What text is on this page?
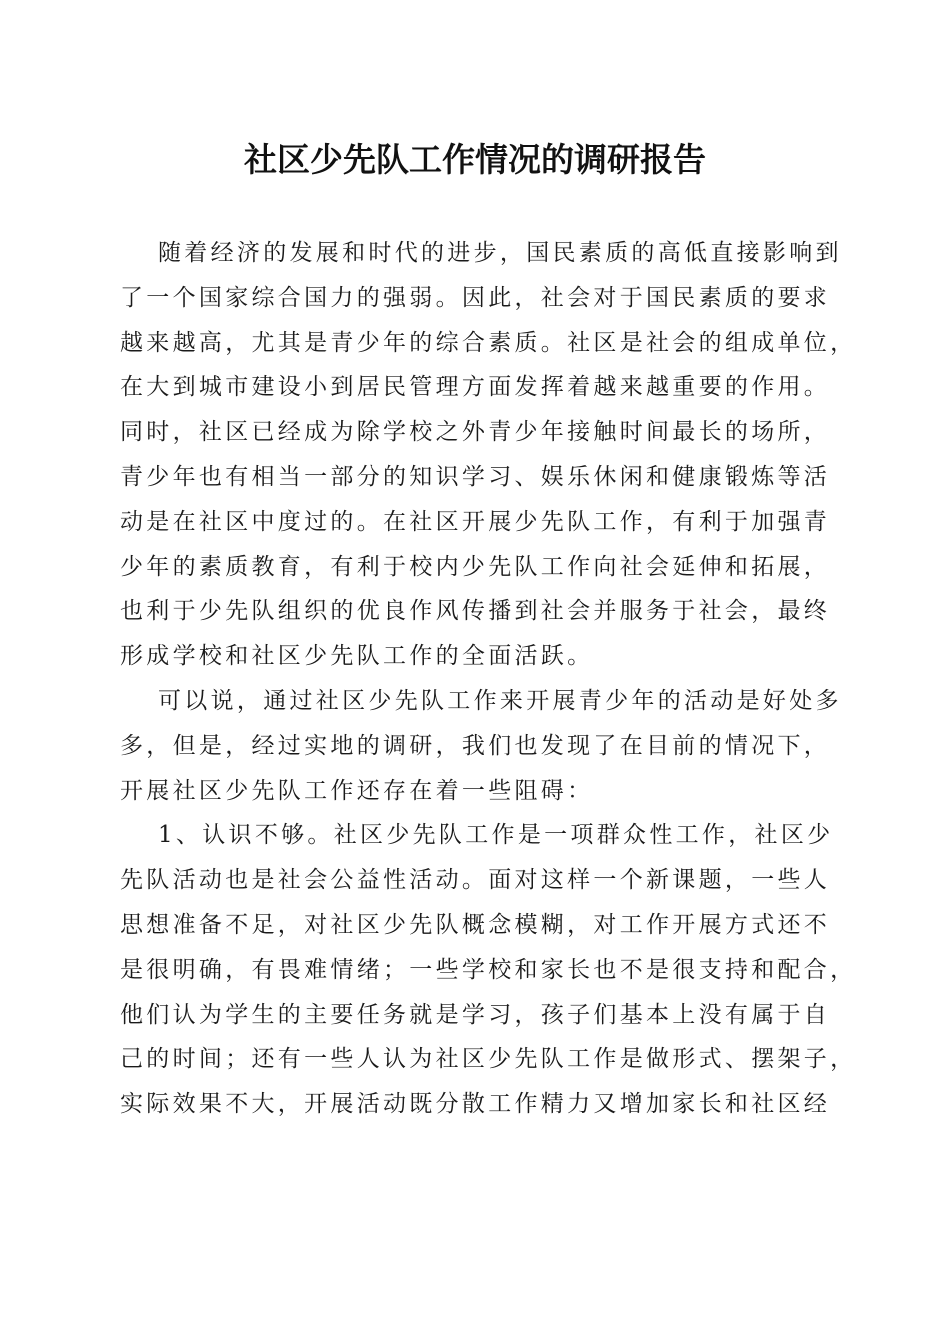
社区少先队工作情况的调研报告
随着经济的发展和时代的进步，国民素质的高低直接影响到
了一个国家综合国力的强弱。因此，社会对于国民素质的要求
越来越高，尤其是青少年的综合素质。社区是社会的组成单位，
在大到城市建设小到居民管理方面发挥着越来越重要的作用。
同时，社区已经成为除学校之外青少年接触时间最长的场所，
青少年也有相当一部分的知识学习、娱乐休闲和健康锻炼等活
动是在社区中度过的。在社区开展少先队工作，有利于加强青
少年的素质教育，有利于校内少先队工作向社会延伸和拓展，
也利于少先队组织的优良作风传播到社会并服务于社会，最终
形成学校和社区少先队工作的全面活跃。
可以说，通过社区少先队工作来开展青少年的活动是好处多
多，但是，经过实地的调研，我们也发现了在目前的情况下，
开展社区少先队工作还存在着一些阻碍：
1、认识不够。社区少先队工作是一项群众性工作，社区少
先队活动也是社会公益性活动。面对这样一个新课题，一些人
思想准备不足，对社区少先队概念模糊，对工作开展方式还不
是很明确，有畏难情绪；一些学校和家长也不是很支持和配合，
他们认为学生的主要任务就是学习，孩子们基本上没有属于自
己的时间；还有一些人认为社区少先队工作是做形式、摆架子，
实际效果不大，开展活动既分散工作精力又增加家长和社区经
